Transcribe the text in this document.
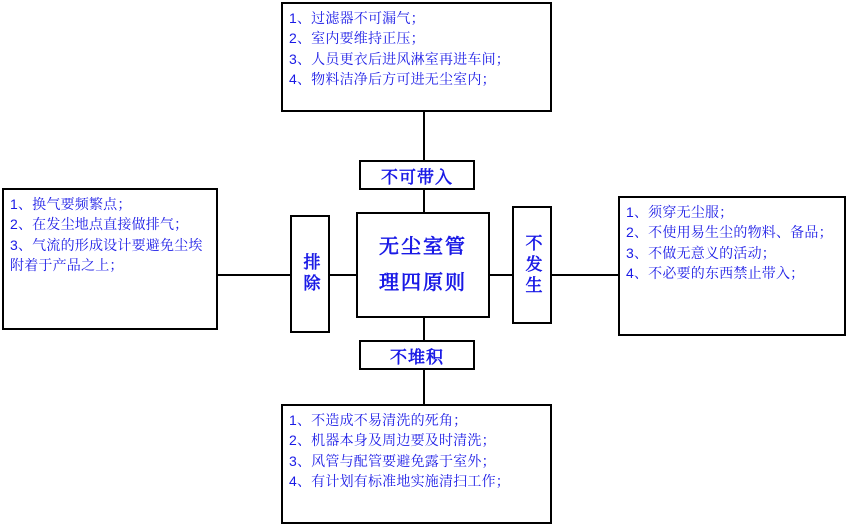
1、过滤器不可漏气；
2、室内要维持正压；
3、人员更衣后进风淋室再进车间；
4、物料洁净后方可进无尘室内；
不可带入
1、换气要频繁点；
2、在发尘地点直接做排气；
3、气流的形成设计要避免尘埃附着于产品之上；	排除
无尘室管
理四原则	不发生
1、须穿无尘服；
2、不使用易生尘的物料、备品；
3、不做无意义的活动；
4、不必要的东西禁止带入；
不堆积
1、不造成不易清洗的死角；
2、机器本身及周边要及时清洗；
3、风管与配管要避免露于室外；
4、有计划有标准地实施清扫工作；
